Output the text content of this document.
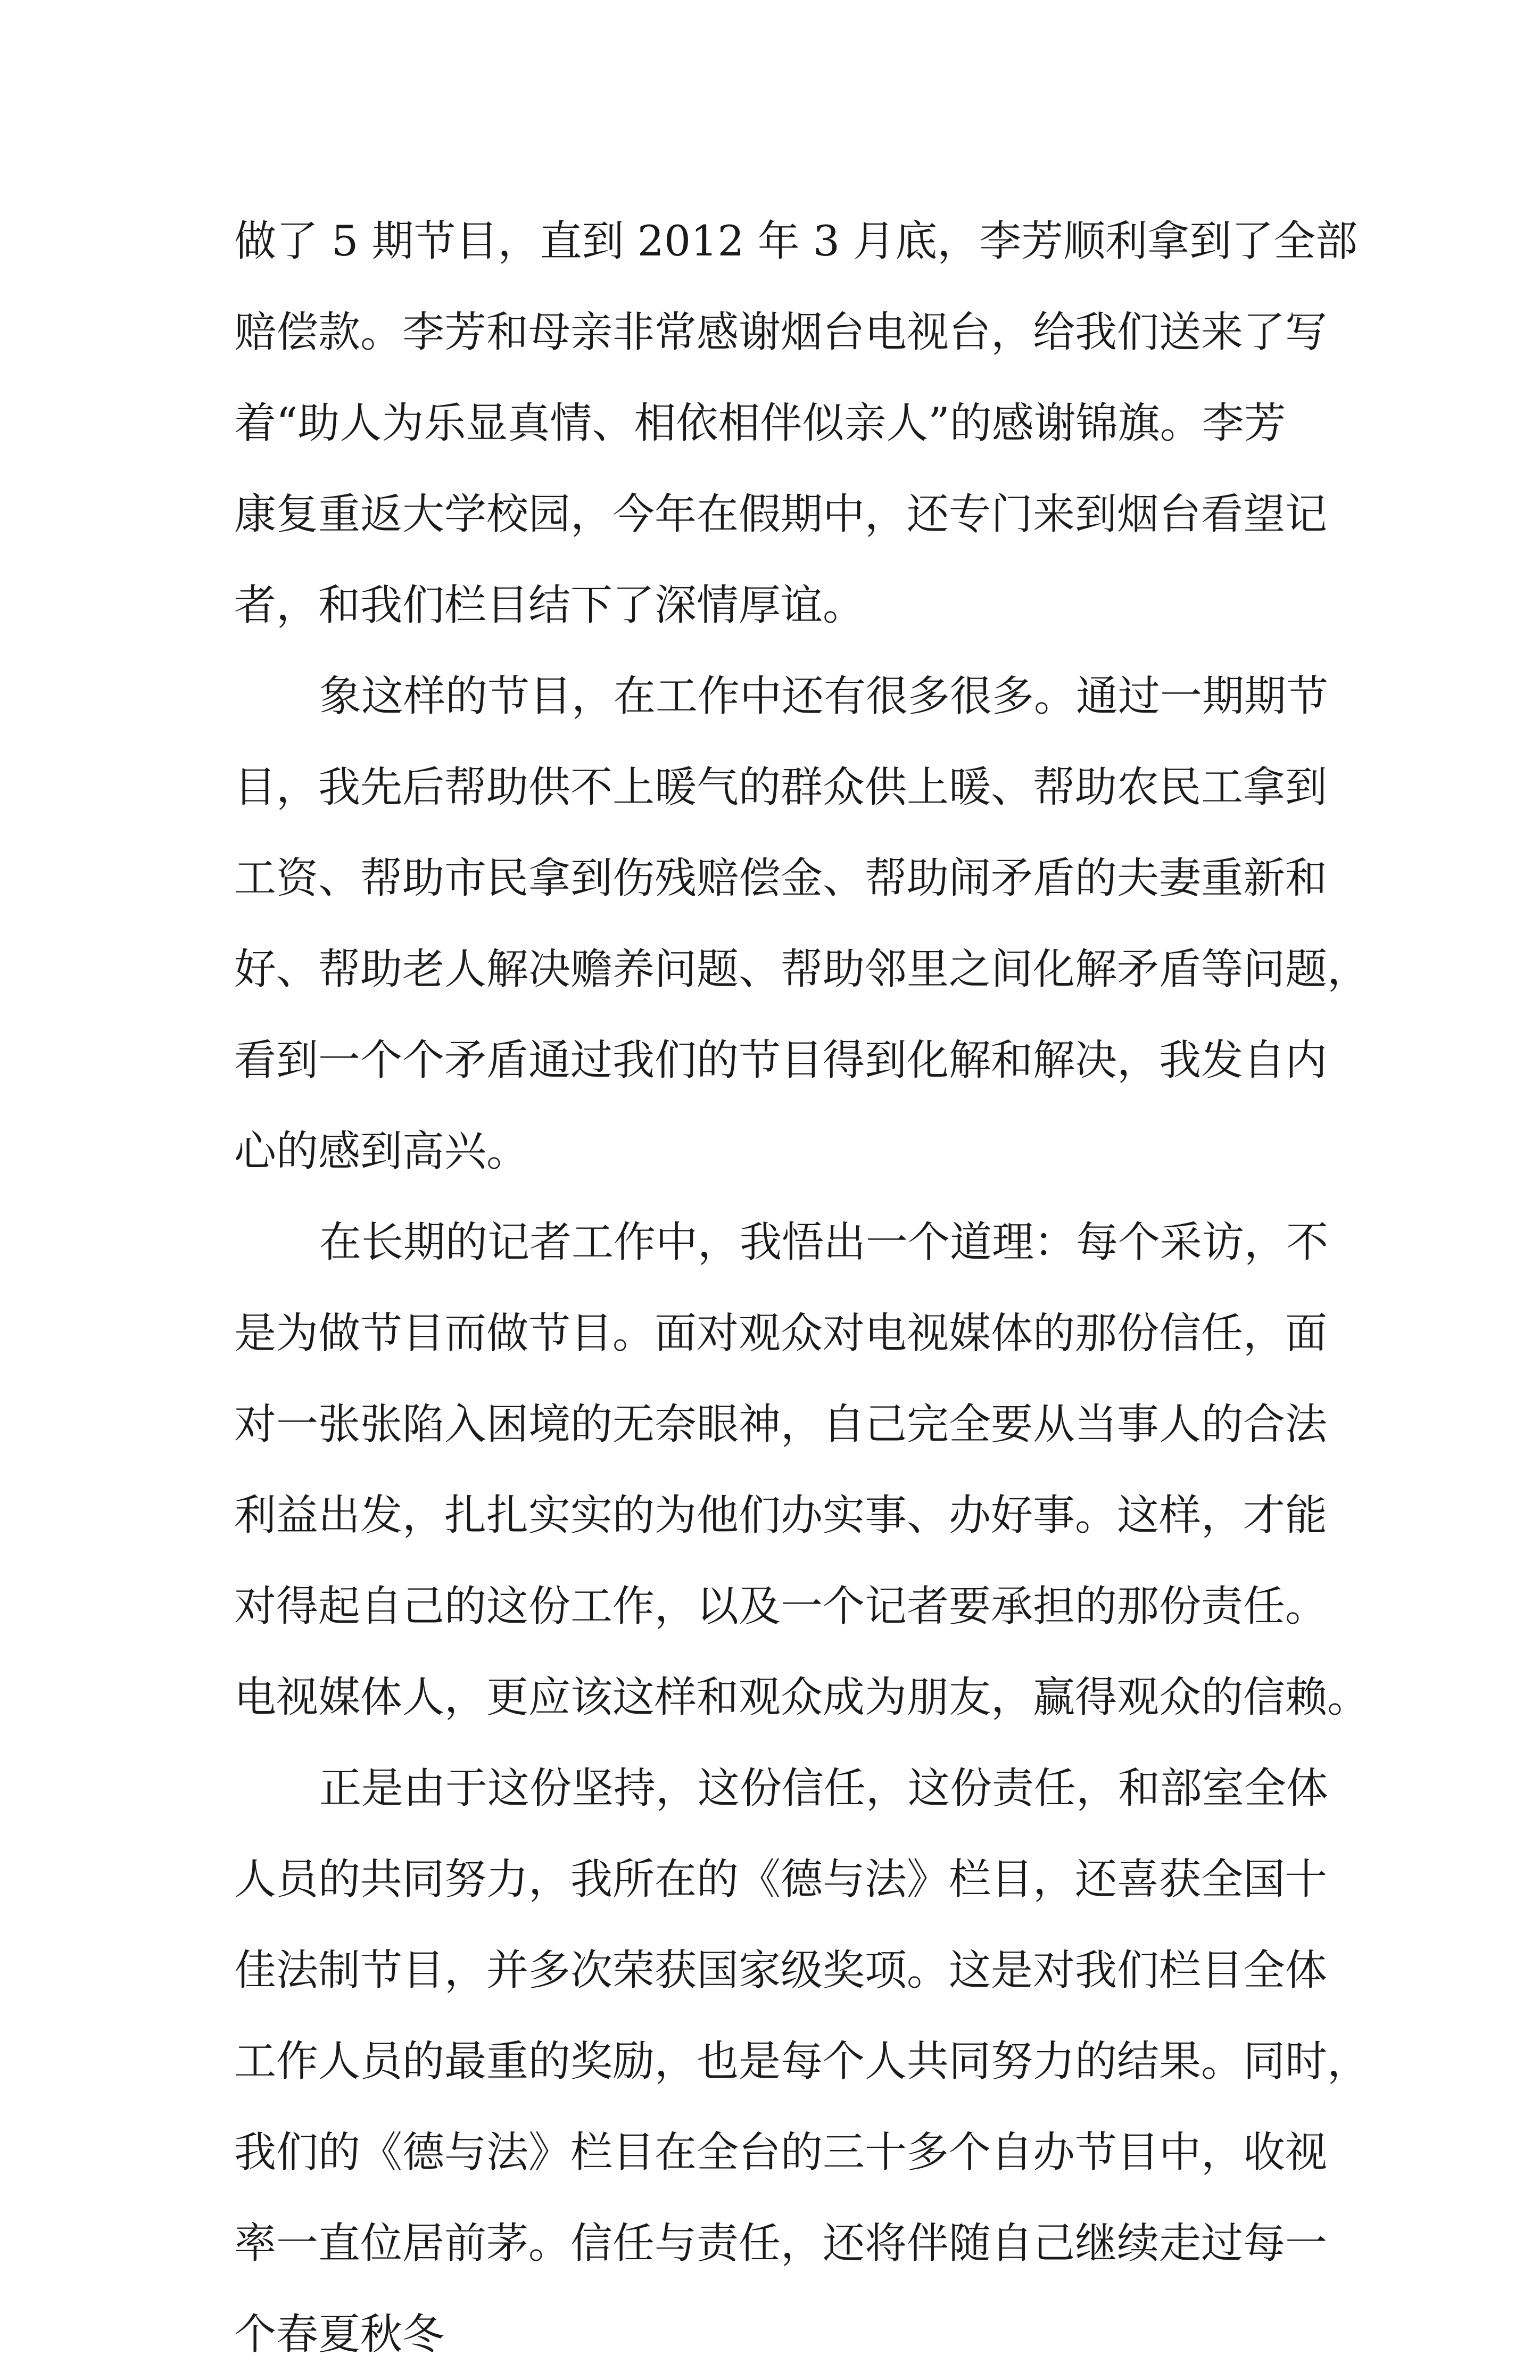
做了 5 期节目，直到 2012 年 3 月底，李芳顺利拿到了全部
赔偿款。李芳和母亲非常感谢烟台电视台，给我们送来了写
着“助人为乐显真情、相依相伴似亲人”的感谢锦旗。李芳
康复重返大学校园，今年在假期中，还专门来到烟台看望记
者，和我们栏目结下了深情厚谊。
象这样的节目，在工作中还有很多很多。通过一期期节
目，我先后帮助供不上暖气的群众供上暖、帮助农民工拿到
工资、帮助市民拿到伤残赔偿金、帮助闹矛盾的夫妻重新和
好、帮助老人解决赡养问题、帮助邻里之间化解矛盾等问题，
看到一个个矛盾通过我们的节目得到化解和解决，我发自内
心的感到高兴。
在长期的记者工作中，我悟出一个道理：每个采访，不
是为做节目而做节目。面对观众对电视媒体的那份信任，面
对一张张陷入困境的无奈眼神，自己完全要从当事人的合法
利益出发，扎扎实实的为他们办实事、办好事。这样，才能
对得起自己的这份工作，以及一个记者要承担的那份责任。
电视媒体人，更应该这样和观众成为朋友，赢得观众的信赖。
正是由于这份坚持，这份信任，这份责任，和部室全体
人员的共同努力，我所在的《德与法》栏目，还喜获全国十
佳法制节目，并多次荣获国家级奖项。这是对我们栏目全体
工作人员的最重的奖励，也是每个人共同努力的结果。同时，
我们的《德与法》栏目在全台的三十多个自办节目中，收视
率一直位居前茅。信任与责任，还将伴随自己继续走过每一
个春夏秋冬
